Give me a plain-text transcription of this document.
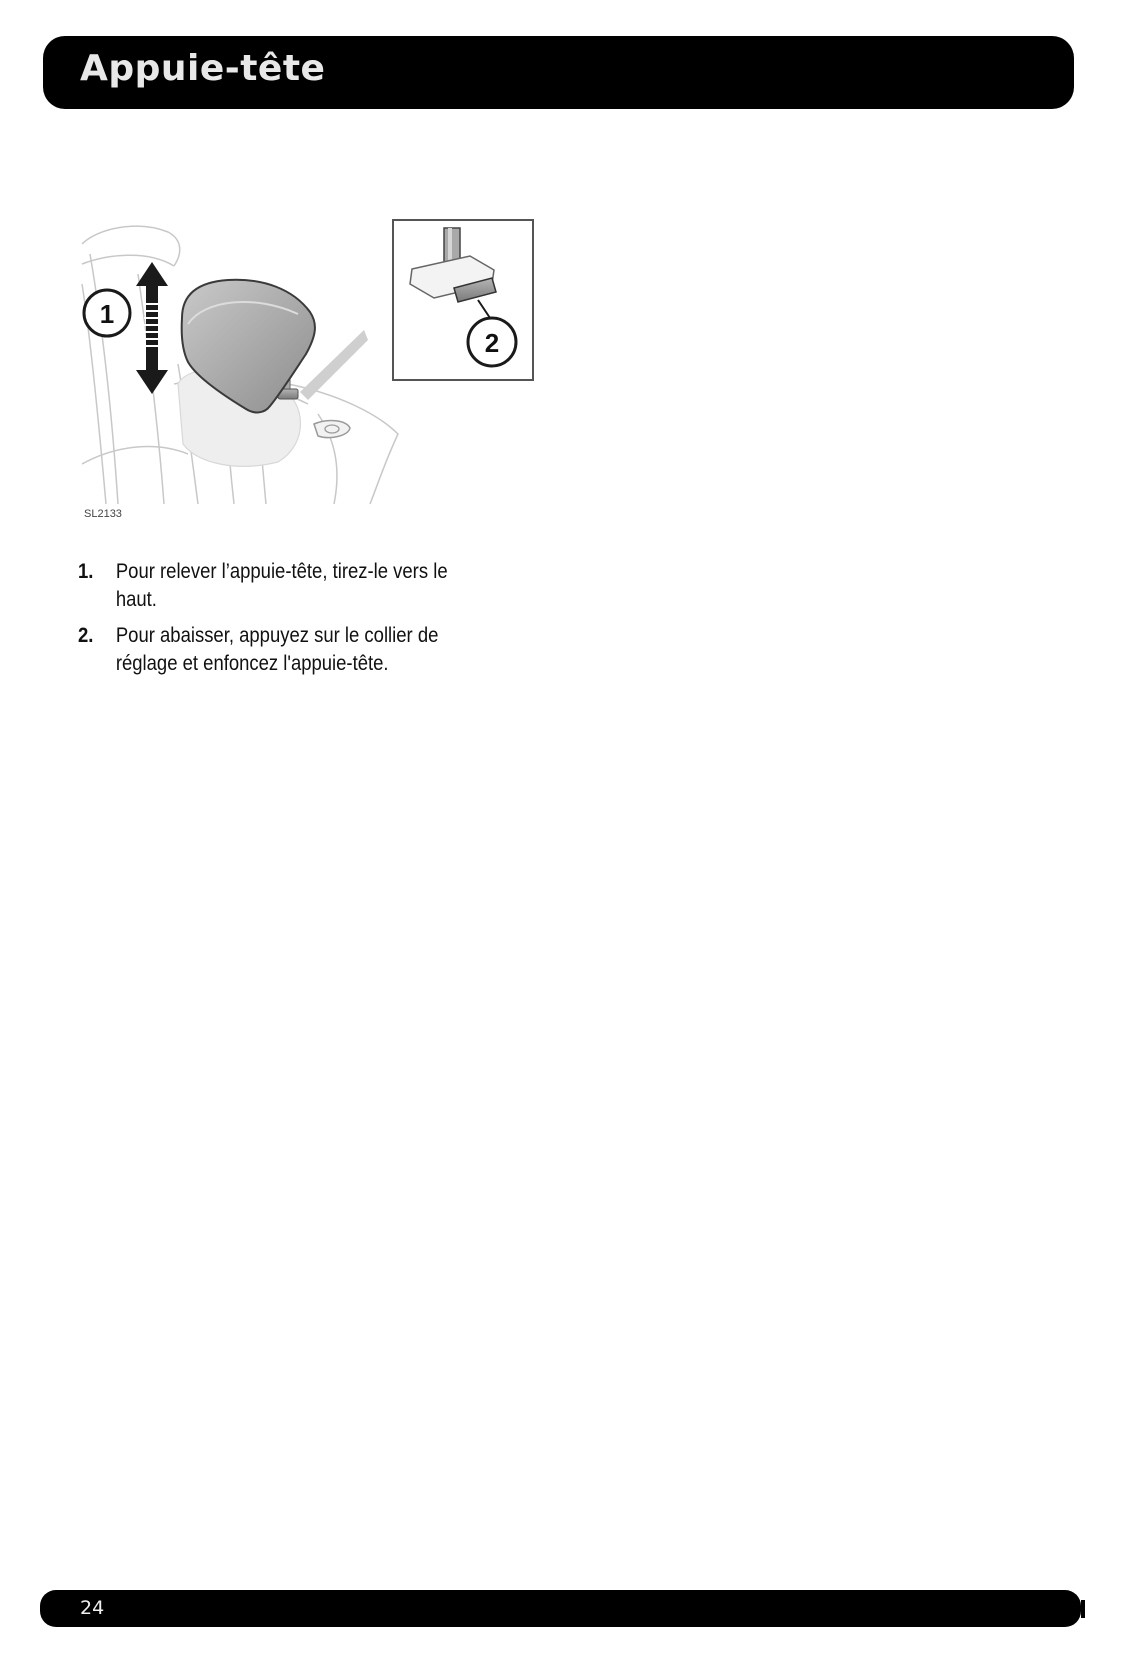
Appuie-tête
1
2
SL2133
1.	Pour relever l’appuie-tête, tirez-le vers le haut.
2.	Pour abaisser, appuyez sur le collier de réglage et enfoncez l'appuie-tête.
24
